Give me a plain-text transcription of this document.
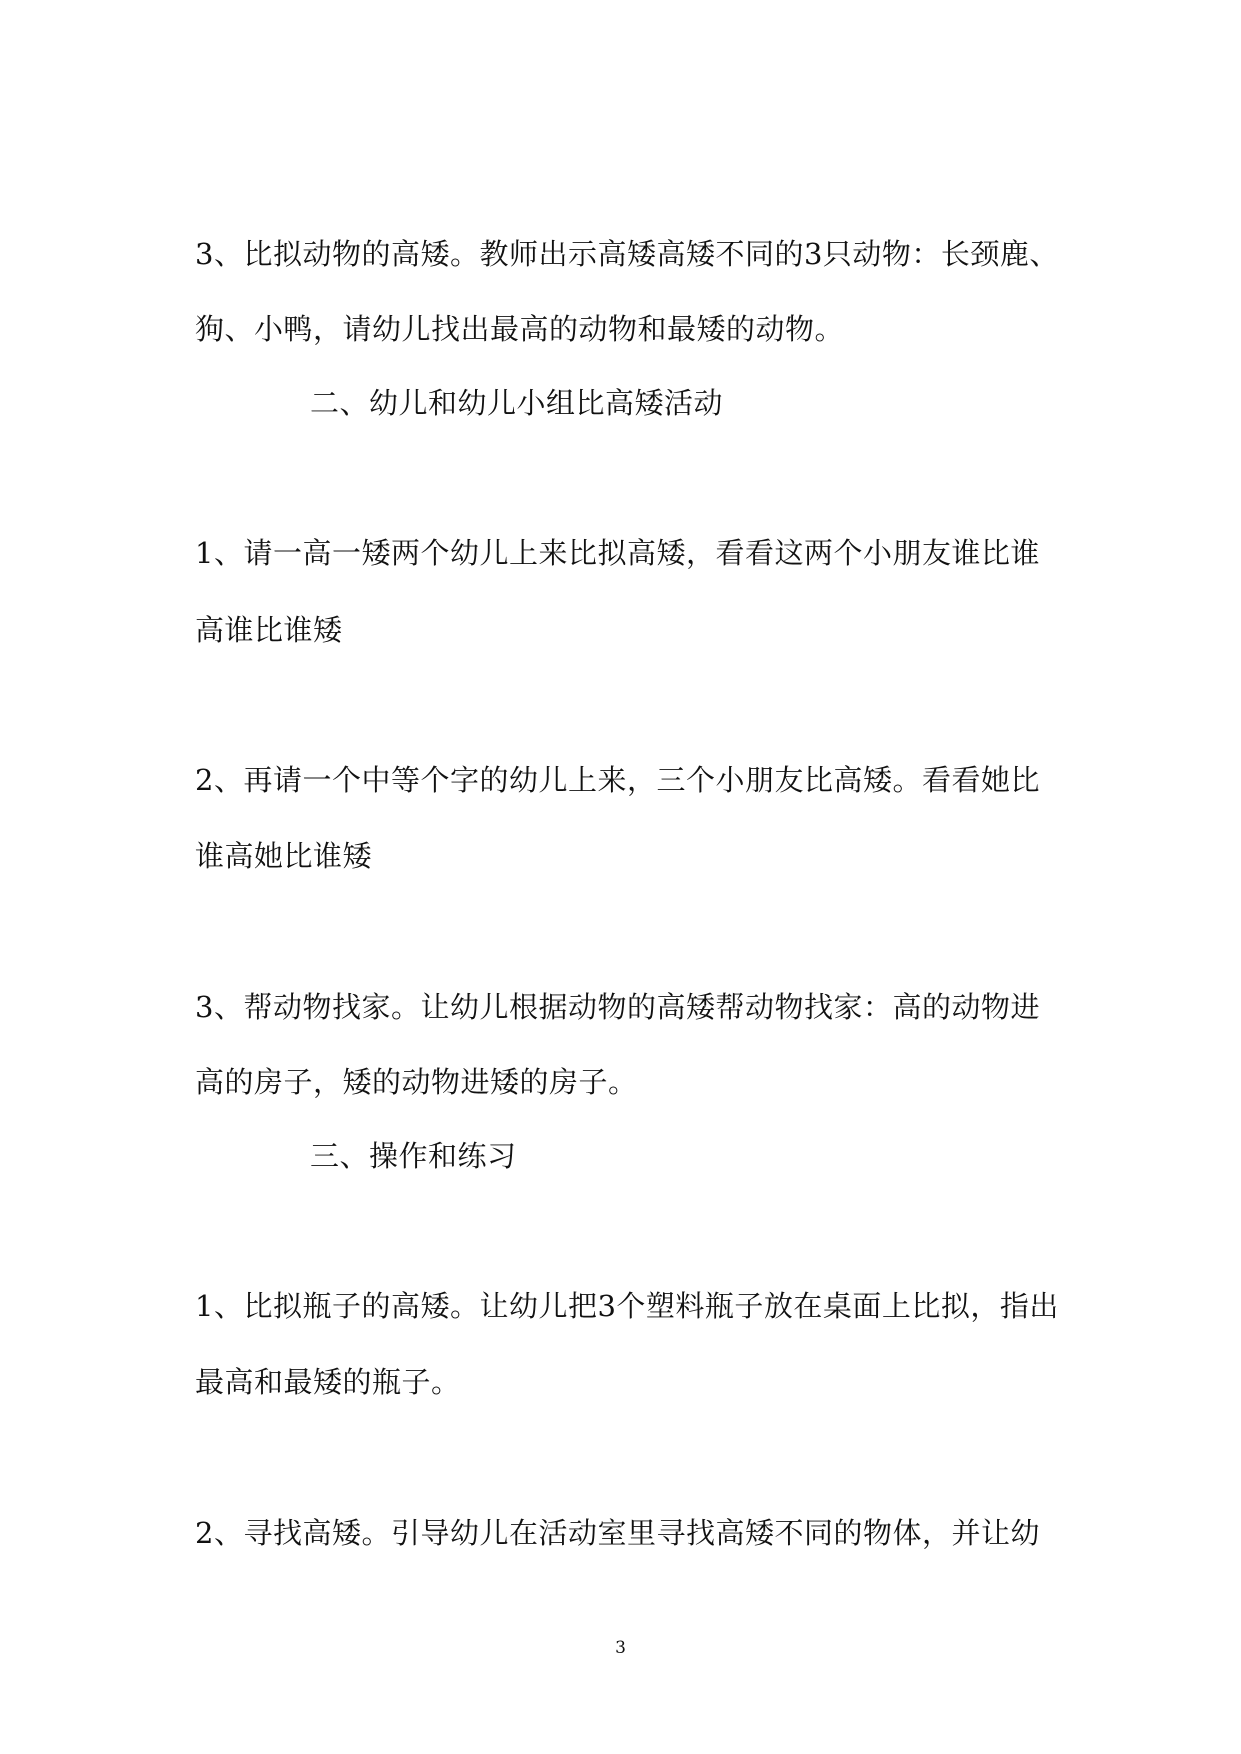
3、比拟动物的高矮。教师出示高矮高矮不同的3只动物：长颈鹿、
狗、小鸭，请幼儿找出最高的动物和最矮的动物。
二、幼儿和幼儿小组比高矮活动
1、请一高一矮两个幼儿上来比拟高矮，看看这两个小朋友谁比谁
高谁比谁矮
2、再请一个中等个字的幼儿上来，三个小朋友比高矮。看看她比
谁高她比谁矮
3、帮动物找家。让幼儿根据动物的高矮帮动物找家：高的动物进
高的房子，矮的动物进矮的房子。
三、操作和练习
1、比拟瓶子的高矮。让幼儿把3个塑料瓶子放在桌面上比拟，指出
最高和最矮的瓶子。
2、寻找高矮。引导幼儿在活动室里寻找高矮不同的物体，并让幼
3
